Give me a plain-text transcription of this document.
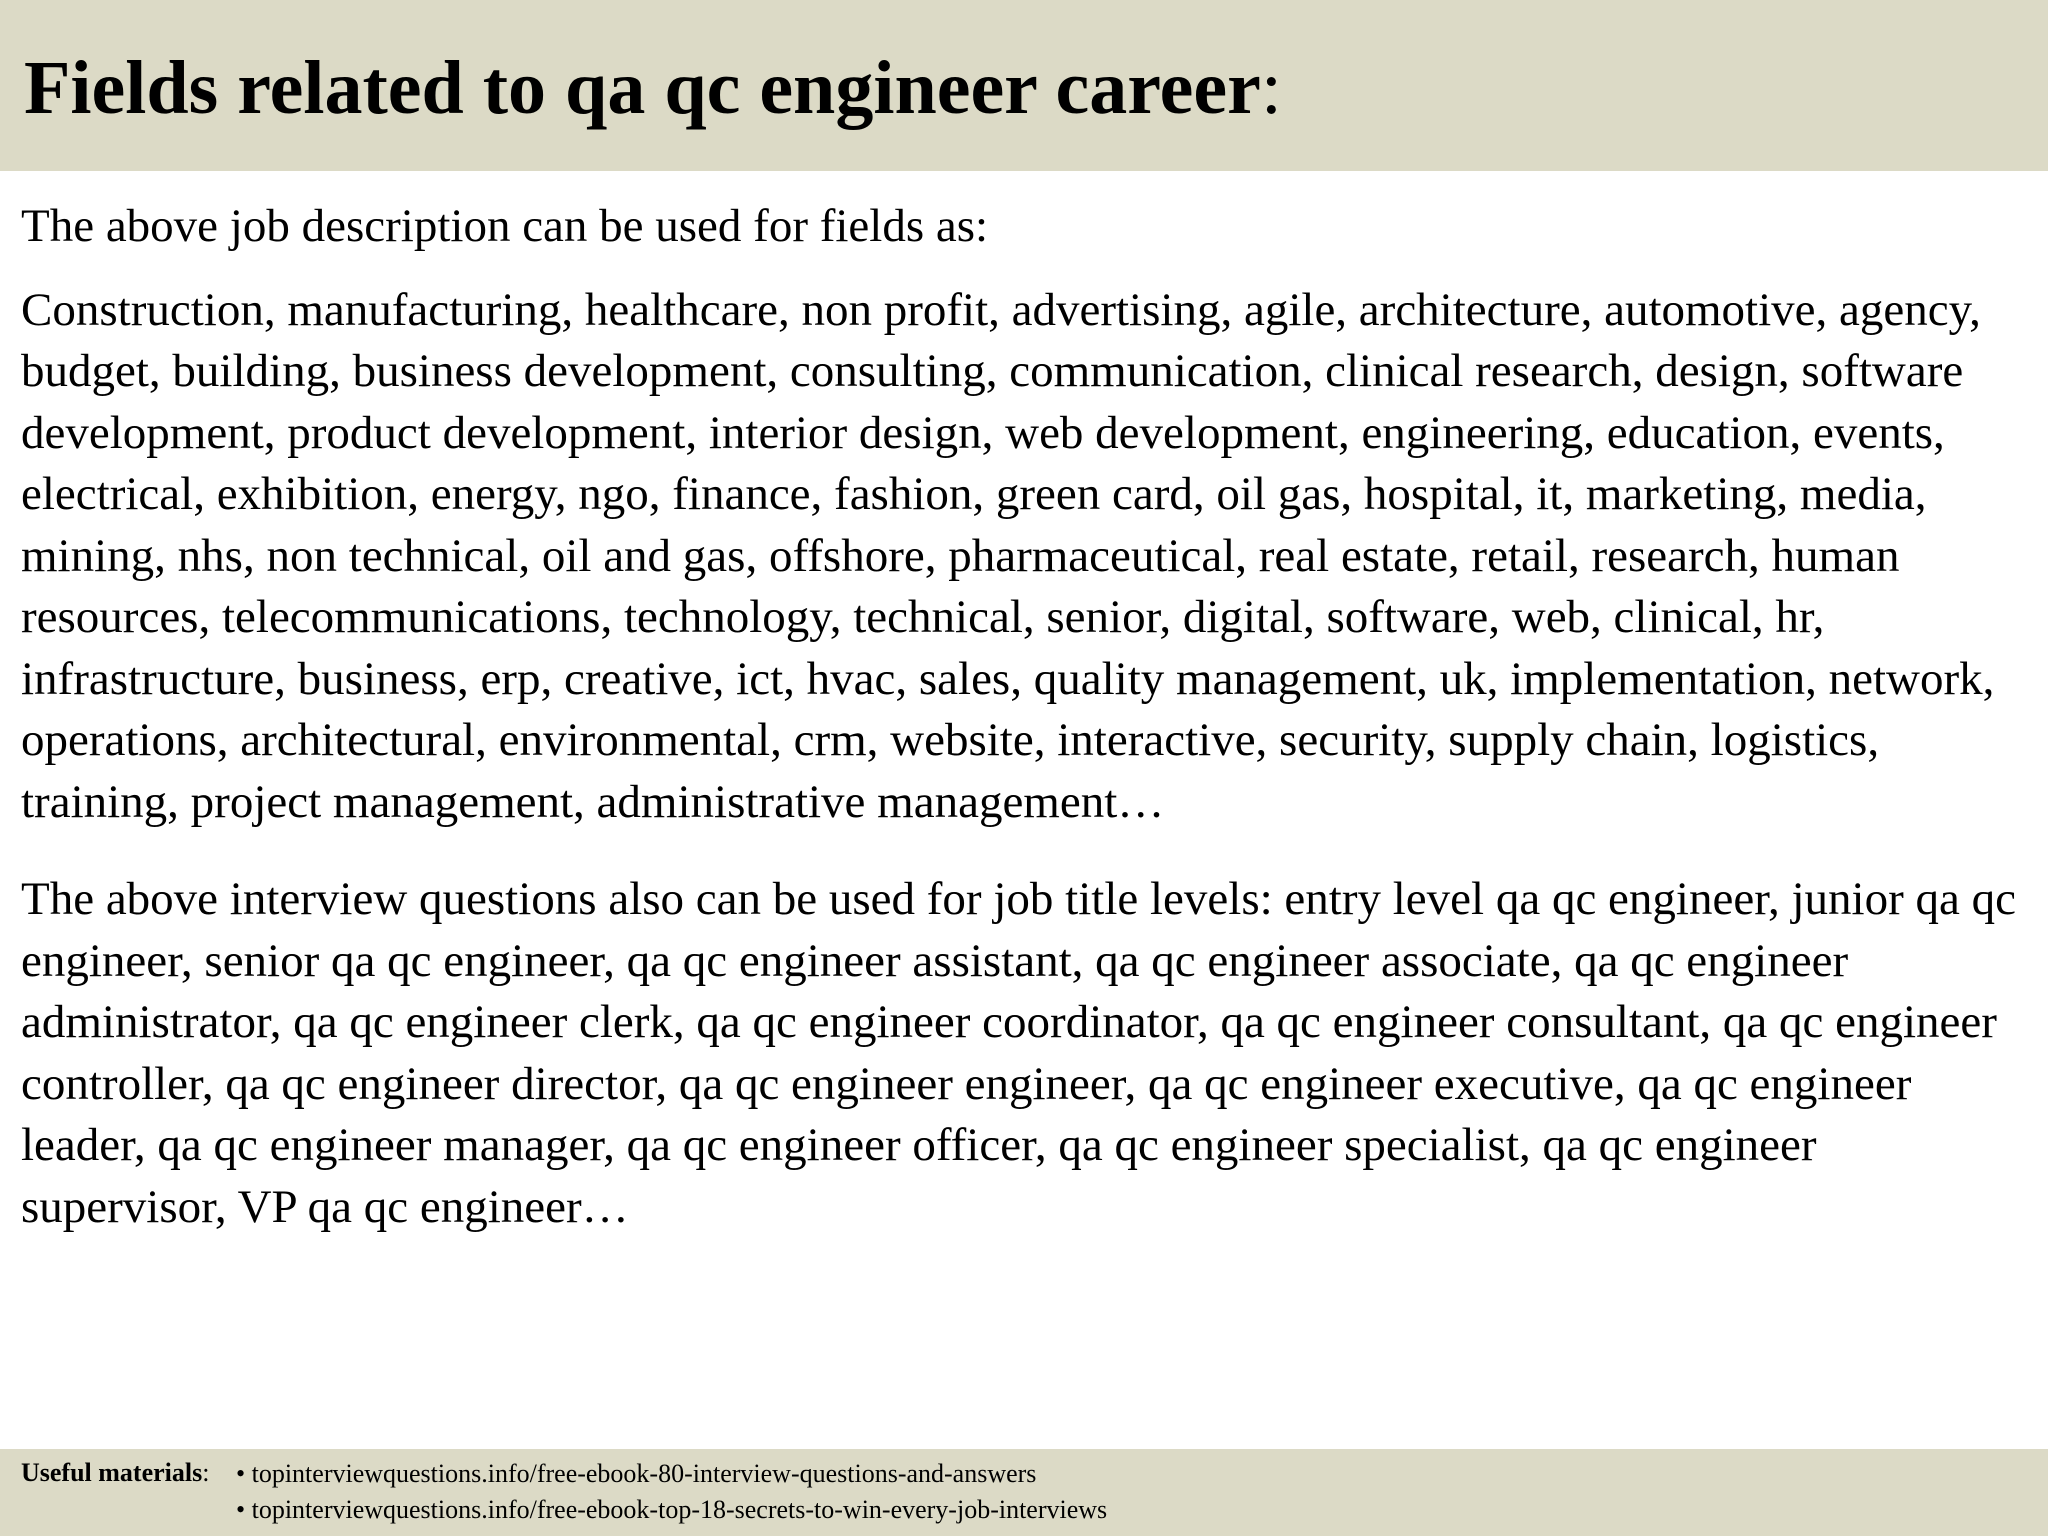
Fields related to qa qc engineer career:

The above job description can be used for fields as:

Construction, manufacturing, healthcare, non profit, advertising, agile, architecture, automotive, agency, budget, building, business development, consulting, communication, clinical research, design, software development, product development, interior design, web development, engineering, education, events, electrical, exhibition, energy, ngo, finance, fashion, green card, oil gas, hospital, it, marketing, media, mining, nhs, non technical, oil and gas, offshore, pharmaceutical, real estate, retail, research, human resources, telecommunications, technology, technical, senior, digital, software, web, clinical, hr, infrastructure, business, erp, creative, ict, hvac, sales, quality management, uk, implementation, network, operations, architectural, environmental, crm, website, interactive, security, supply chain, logistics, training, project management, administrative management…

The above interview questions also can be used for job title levels: entry level qa qc engineer, junior qa qc engineer, senior qa qc engineer, qa qc engineer assistant, qa qc engineer associate, qa qc engineer administrator, qa qc engineer clerk, qa qc engineer coordinator, qa qc engineer consultant, qa qc engineer controller, qa qc engineer director, qa qc engineer engineer, qa qc engineer executive, qa qc engineer leader, qa qc engineer manager, qa qc engineer officer, qa qc engineer specialist, qa qc engineer supervisor, VP qa qc engineer…

Useful materials: • topinterviewquestions.info/free-ebook-80-interview-questions-and-answers
• topinterviewquestions.info/free-ebook-top-18-secrets-to-win-every-job-interviews
